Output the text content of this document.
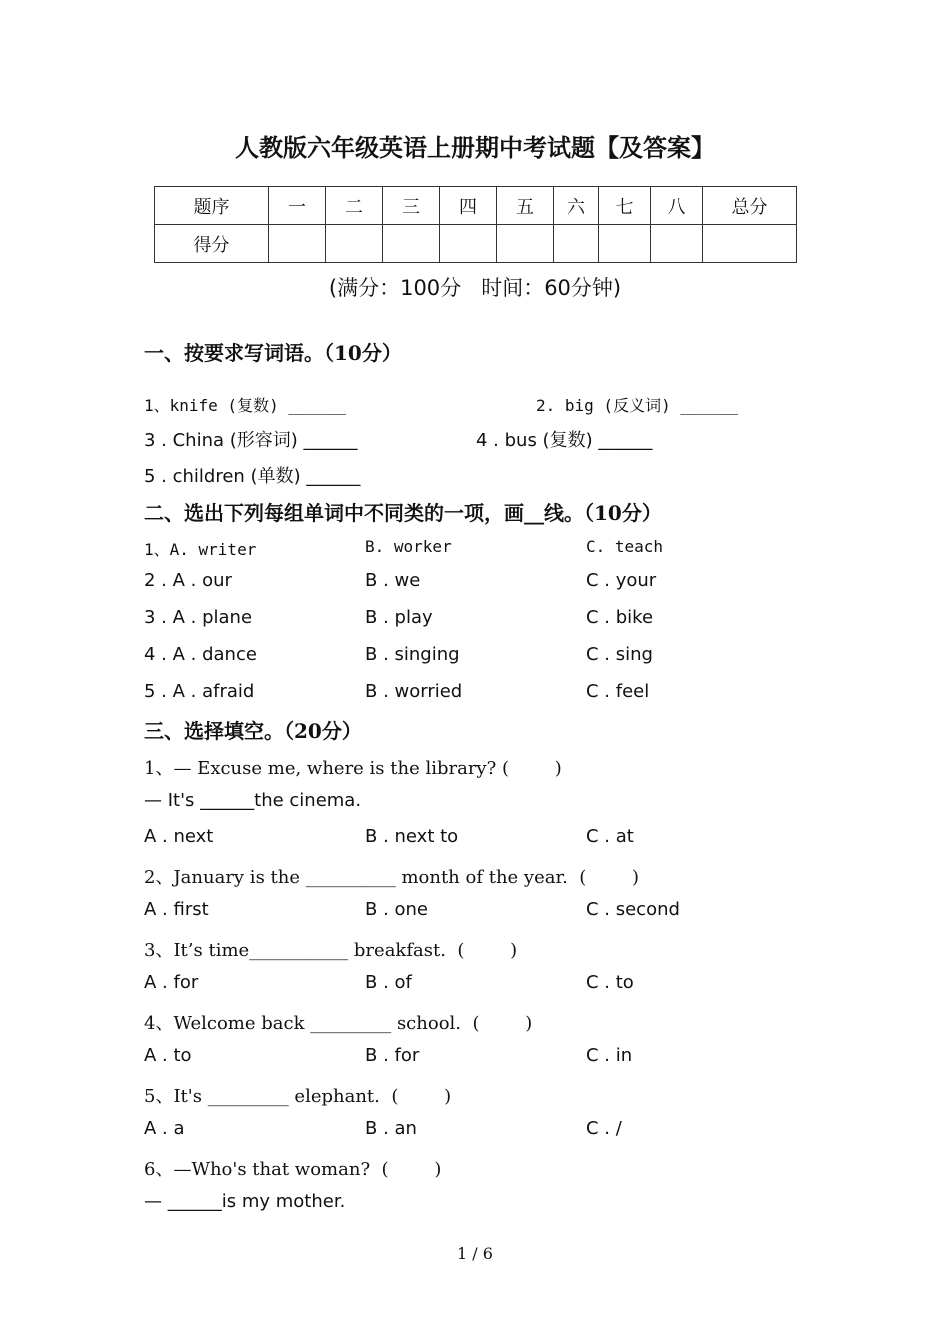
人教版六年级英语上册期中考试题【及答案】
题序	一	二	三	四	五	六	七	八	总分
得分									
(满分：100分   时间：60分钟)
一、按要求写词语。（10分）
1、knife (复数) ______	2. big (反义词) ______
3 . China (形容词) ______	4 . bus (复数) ______
5 . children (单数) ______
二、选出下列每组单词中不同类的一项，画__线。（10分）
1、A. writer	B. worker	C. teach
2 . A . our	B . we	C . your
3 . A . plane	B . play	C . bike
4 . A . dance	B . singing	C . sing
5 . A . afraid	B . worried	C . feel
三、选择填空。（20分）
1、— Excuse me, where is the library? (        )
— It's ______the cinema.
A . next	B . next to	C . at
2、January is the __________ month of the year.  (        )
A . first	B . one	C . second
3、It’s time___________ breakfast.  (        )
A . for	B . of	C . to
4、Welcome back _________ school.  (        )
A . to	B . for	C . in
5、It's _________ elephant.  (        )
A . a	B . an	C . /
6、—Who's that woman?  (        )
— ______is my mother.
1 / 6
